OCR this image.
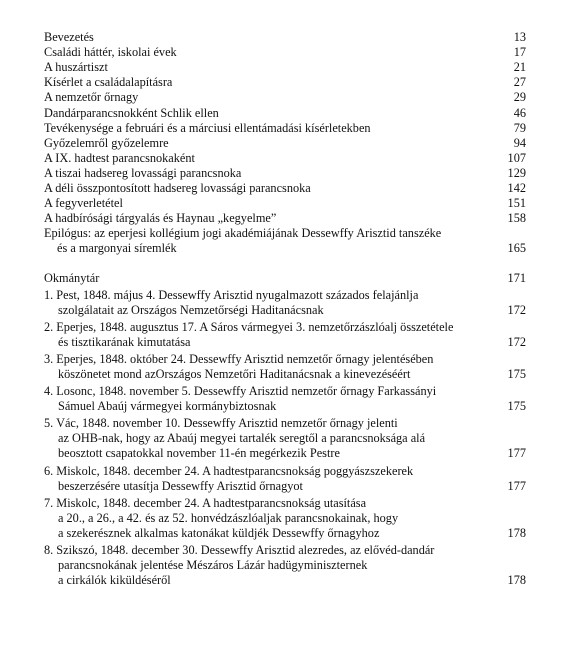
Bevezetés	13
Családi háttér, iskolai évek	17
A huszártiszt	21
Kísérlet a családalapításra	27
A nemzetőr őrnagy	29
Dandárparancsnokként Schlik ellen	46
Tevékenysége a februári és a márciusi ellentámadási kísérletekben	79
Győzelemről győzelemre	94
A IX. hadtest parancsnokaként	107
A tiszai hadsereg lovassági parancsnoka	129
A déli összpontosított hadsereg lovassági parancsnoka	142
A fegyverletétel	151
A hadbírósági tárgyalás és Haynau „kegyelme”	158
Epilógus: az eperjesi kollégium jogi akadémiájának Dessewffy Arisztid tanszéke
és a margonyai síremlék	165
Okmánytár	171
1. Pest, 1848. május 4. Dessewffy Arisztid nyugalmazott százados felajánlja
szolgálatait az Országos Nemzetőrségi Haditanácsnak	172
2. Eperjes, 1848. augusztus 17. A Sáros vármegyei 3. nemzetőrzászlóalj összetétele
és tisztikarának kimutatása	172
3. Eperjes, 1848. október 24. Dessewffy Arisztid nemzetőr őrnagy jelentésében
köszönetet mond azOrszágos Nemzetőri Haditanácsnak a kinevezéséért	175
4. Losonc, 1848. november 5. Dessewffy Arisztid nemzetőr őrnagy Farkassányi
Sámuel Abaúj vármegyei kormánybiztosnak	175
5. Vác, 1848. november 10. Dessewffy Arisztid nemzetőr őrnagy jelenti
az OHB-nak, hogy az Abaúj megyei tartalék seregtől a parancsnoksága alá
beosztott csapatokkal november 11-én megérkezik Pestre	177
6. Miskolc, 1848. december 24. A hadtestparancsnokság poggyászszekerek
beszerzésére utasítja Dessewffy Arisztid őrnagyot	177
7. Miskolc, 1848. december 24. A hadtestparancsnokság utasítása
a 20., a 26., a 42. és az 52. honvédzászlóaljak parancsnokainak, hogy
a szekerésznek alkalmas katonákat küldjék Dessewffy őrnagyhoz	178
8. Szikszó, 1848. december 30. Dessewffy Arisztid alezredes, az elővéd-dandár
parancsnokának jelentése Mészáros Lázár hadügyminiszternek
a cirkálók kiküldéséről	178
